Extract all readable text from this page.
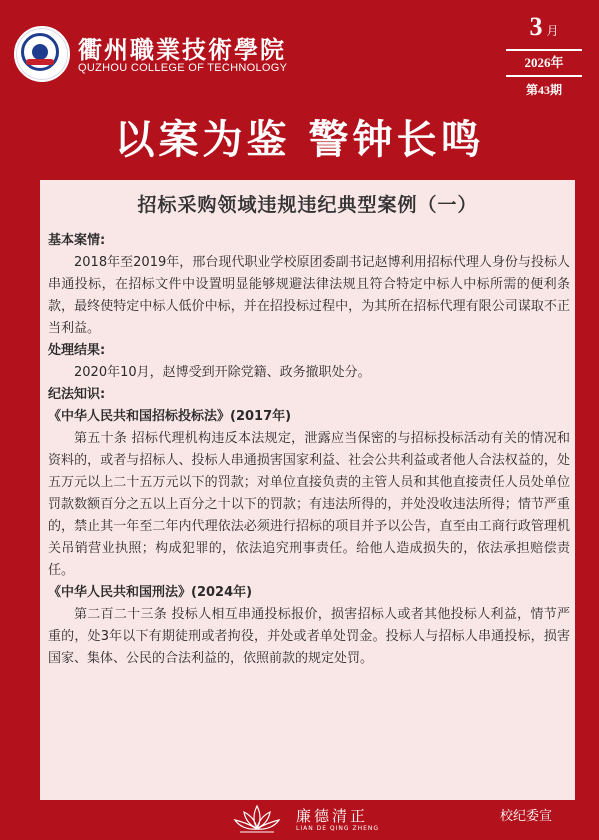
衢州職業技術學院
QUZHOU COLLEGE OF TECHNOLOGY
3 月
2026年
第43期
以案为鉴 警钟长鸣
招标采购领域违规违纪典型案例（一）

基本案情:

2018年至2019年，邢台现代职业学校原团委副书记赵博利用招标代理人身份与投标人串通投标，在招标文件中设置明显能够规避法律法规且符合特定中标人中标所需的便利条款，最终使特定中标人低价中标，并在招投标过程中，为其所在招标代理有限公司谋取不正当利益。

处理结果:

2020年10月，赵博受到开除党籍、政务撤职处分。

纪法知识:

《中华人民共和国招标投标法》(2017年)

第五十条 招标代理机构违反本法规定，泄露应当保密的与招标投标活动有关的情况和资料的，或者与招标人、投标人串通损害国家利益、社会公共利益或者他人合法权益的，处五万元以上二十五万元以下的罚款；对单位直接负责的主管人员和其他直接责任人员处单位罚款数额百分之五以上百分之十以下的罚款；有违法所得的，并处没收违法所得；情节严重的，禁止其一年至二年内代理依法必须进行招标的项目并予以公告，直至由工商行政管理机关吊销营业执照；构成犯罪的，依法追究刑事责任。给他人造成损失的，依法承担赔偿责任。

《中华人民共和国刑法》(2024年)

第二百二十三条 投标人相互串通投标报价，损害招标人或者其他投标人利益，情节严重的，处3年以下有期徒刑或者拘役，并处或者单处罚金。投标人与招标人串通投标，损害国家、集体、公民的合法利益的，依照前款的规定处罚。

廉德清正
LIAN DE QING ZHENG
校纪委宣
